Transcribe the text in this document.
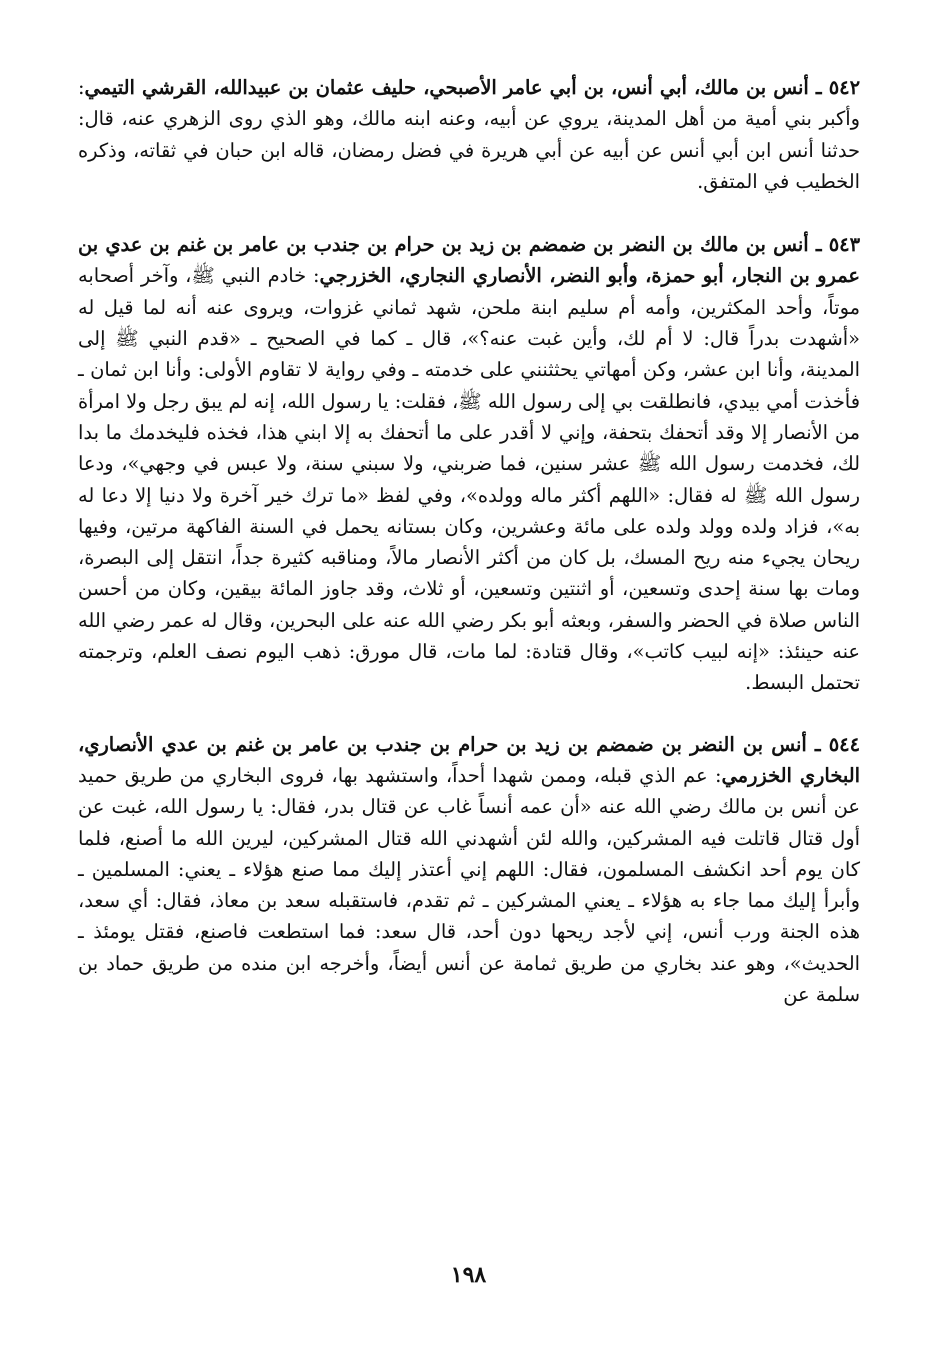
٥٤٢ ـ أنس بن مالك، أبي أنس، بن أبي عامر الأصبحي، حليف عثمان بن عبيدالله، القرشي التيمي: وأكبر بني أمية من أهل المدينة، يروي عن أبيه، وعنه ابنه مالك، وهو الذي روى الزهري عنه، قال: حدثنا أنس ابن أبي أنس عن أبيه عن أبي هريرة في فضل رمضان، قاله ابن حبان في ثقاته، وذكره الخطيب في المتفق.

٥٤٣ ـ أنس بن مالك بن النضر بن ضمضم بن زيد بن حرام بن جندب بن عامر بن غنم بن عدي بن عمرو بن النجار، أبو حمزة، وأبو النضر، الأنصاري النجاري، الخزرجي: خادم النبي ﷺ، وآخر أصحابه موتاً، وأحد المكثرين، وأمه أم سليم ابنة ملحن، شهد ثماني غزوات، ويروى عنه أنه لما قيل له «أشهدت بدراً قال: لا أم لك، وأين غبت عنه؟»، قال ـ كما في الصحيح ـ «قدم النبي ﷺ إلى المدينة، وأنا ابن عشر، وكن أمهاتي يحثثنني على خدمته ـ وفي رواية لا تقاوم الأولى: وأنا ابن ثمان ـ فأخذت أمي بيدي، فانطلقت بي إلى رسول الله ﷺ، فقلت: يا رسول الله، إنه لم يبق رجل ولا امرأة من الأنصار إلا وقد أتحفك بتحفة، وإني لا أقدر على ما أتحفك به إلا ابني هذا، فخذه فليخدمك ما بدا لك، فخدمت رسول الله ﷺ عشر سنين، فما ضربني، ولا سبني سنة، ولا عبس في وجهي»، ودعا رسول الله ﷺ له فقال: «اللهم أكثر ماله وولده»، وفي لفظ «ما ترك خير آخرة ولا دنيا إلا دعا له به»، فزاد ولده وولد ولده على مائة وعشرين، وكان بستانه يحمل في السنة الفاكهة مرتين، وفيها ريحان يجيء منه ريح المسك، بل كان من أكثر الأنصار مالاً، ومناقبه كثيرة جداً، انتقل إلى البصرة، ومات بها سنة إحدى وتسعين، أو اثنتين وتسعين، أو ثلاث، وقد جاوز المائة بيقين، وكان من أحسن الناس صلاة في الحضر والسفر، وبعثه أبو بكر رضي الله عنه على البحرين، وقال له عمر رضي الله عنه حينئذ: «إنه لبيب كاتب»، وقال قتادة: لما مات، قال مورق: ذهب اليوم نصف العلم، وترجمته تحتمل البسط.

٥٤٤ ـ أنس بن النضر بن ضمضم بن زيد بن حرام بن جندب بن عامر بن غنم بن عدي الأنصاري، البخاري الخزرمي: عم الذي قبله، وممن شهدا أحداً، واستشهد بها، فروى البخاري من طريق حميد عن أنس بن مالك رضي الله عنه «أن عمه أنساً غاب عن قتال بدر، فقال: يا رسول الله، غبت عن أول قتال قاتلت فيه المشركين، والله لئن أشهدني الله قتال المشركين، ليرين الله ما أصنع، فلما كان يوم أحد انكشف المسلمون، فقال: اللهم إني أعتذر إليك مما صنع هؤلاء ـ يعني: المسلمين ـ وأبرأ إليك مما جاء به هؤلاء ـ يعني المشركين ـ ثم تقدم، فاستقبله سعد بن معاذ، فقال: أي سعد، هذه الجنة ورب أنس، إني لأجد ريحها دون أحد، قال سعد: فما استطعت فاصنع، فقتل يومئذ ـ الحديث»، وهو عند بخاري من طريق ثمامة عن أنس أيضاً، وأخرجه ابن منده من طريق حماد بن سلمة عن

١٩٨
